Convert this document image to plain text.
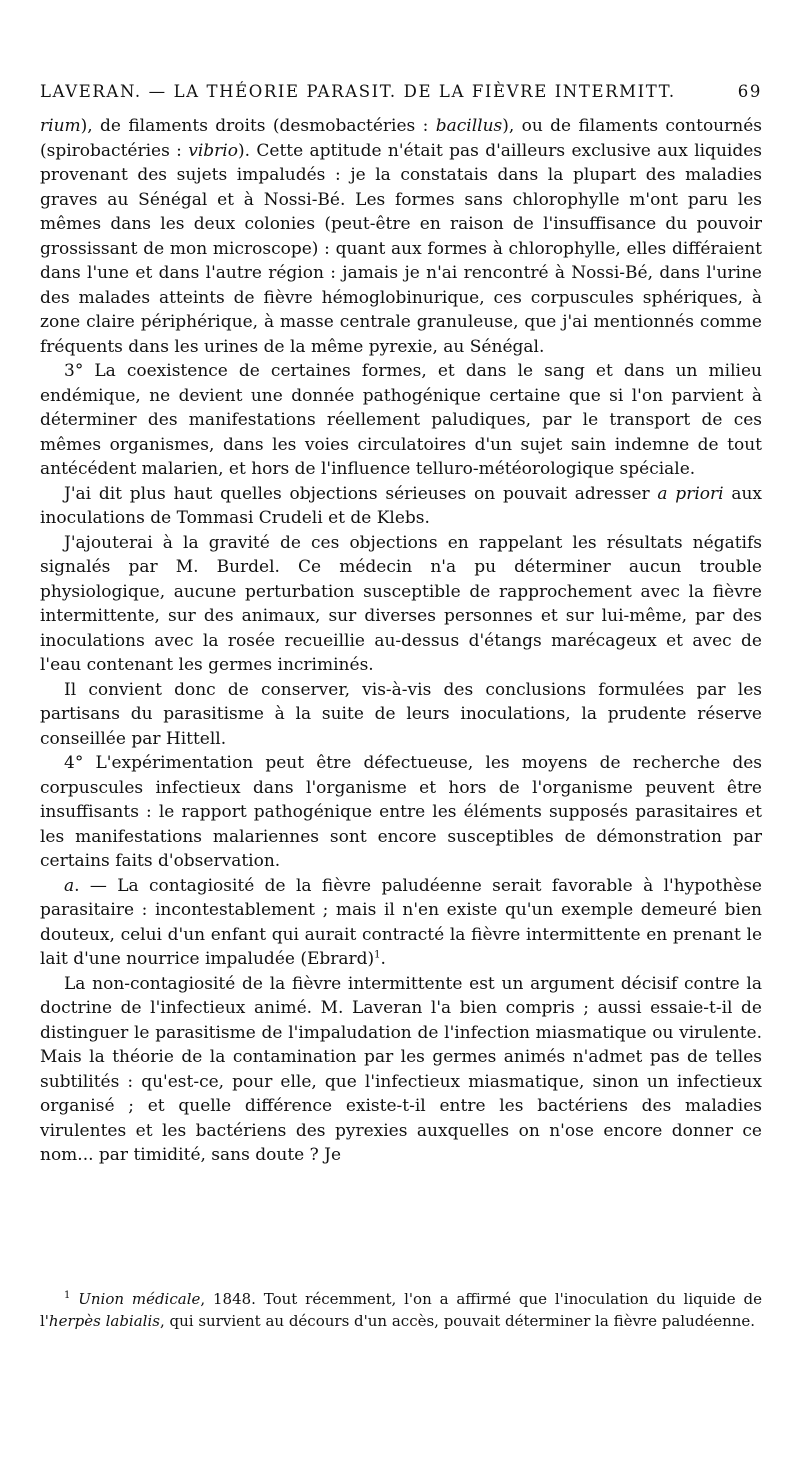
LAVERAN. — LA THÉORIE PARASIT. DE LA FIÈVRE INTERMITT.	69

rium), de filaments droits (desmobactéries : bacillus), ou de filaments contournés (spirobactéries : vibrio). Cette aptitude n'était pas d'ailleurs exclusive aux liquides provenant des sujets impaludés : je la constatais dans la plupart des maladies graves au Sénégal et à Nossi-Bé. Les formes sans chlorophylle m'ont paru les mêmes dans les deux colonies (peut-être en raison de l'insuffisance du pouvoir grossissant de mon microscope) : quant aux formes à chlorophylle, elles différaient dans l'une et dans l'autre région : jamais je n'ai rencontré à Nossi-Bé, dans l'urine des malades atteints de fièvre hémoglobinurique, ces corpuscules sphériques, à zone claire périphérique, à masse centrale granuleuse, que j'ai mentionnés comme fréquents dans les urines de la même pyrexie, au Sénégal.

3° La coexistence de certaines formes, et dans le sang et dans un milieu endémique, ne devient une donnée pathogénique certaine que si l'on parvient à déterminer des manifestations réellement paludiques, par le transport de ces mêmes organismes, dans les voies circulatoires d'un sujet sain indemne de tout antécédent malarien, et hors de l'influence telluro-météorologique spéciale.

J'ai dit plus haut quelles objections sérieuses on pouvait adresser a priori aux inoculations de Tommasi Crudeli et de Klebs.

J'ajouterai à la gravité de ces objections en rappelant les résultats négatifs signalés par M. Burdel. Ce médecin n'a pu déterminer aucun trouble physiologique, aucune perturbation susceptible de rapprochement avec la fièvre intermittente, sur des animaux, sur diverses personnes et sur lui-même, par des inoculations avec la rosée recueillie au-dessus d'étangs marécageux et avec de l'eau contenant les germes incriminés.

Il convient donc de conserver, vis-à-vis des conclusions formulées par les partisans du parasitisme à la suite de leurs inoculations, la prudente réserve conseillée par Hittell.

4° L'expérimentation peut être défectueuse, les moyens de recherche des corpuscules infectieux dans l'organisme et hors de l'organisme peuvent être insuffisants : le rapport pathogénique entre les éléments supposés parasitaires et les manifestations malariennes sont encore susceptibles de démonstration par certains faits d'observation.

a. — La contagiosité de la fièvre paludéenne serait favorable à l'hypothèse parasitaire : incontestablement ; mais il n'en existe qu'un exemple demeuré bien douteux, celui d'un enfant qui aurait contracté la fièvre intermittente en prenant le lait d'une nourrice impaludée (Ebrard)$^1$.

La non-contagiosité de la fièvre intermittente est un argument décisif contre la doctrine de l'infectieux animé. M. Laveran l'a bien compris ; aussi essaie-t-il de distinguer le parasitisme de l'impaludation de l'infection miasmatique ou virulente. Mais la théorie de la contamination par les germes animés n'admet pas de telles subtilités : qu'est-ce, pour elle, que l'infectieux miasmatique, sinon un infectieux organisé ; et quelle différence existe-t-il entre les bactériens des maladies virulentes et les bactériens des pyrexies auxquelles on n'ose encore donner ce nom... par timidité, sans doute ? Je

$^1$ Union médicale, 1848. Tout récemment, l'on a affirmé que l'inoculation du liquide de l'herpès labialis, qui survient au décours d'un accès, pouvait déterminer la fièvre paludéenne.
